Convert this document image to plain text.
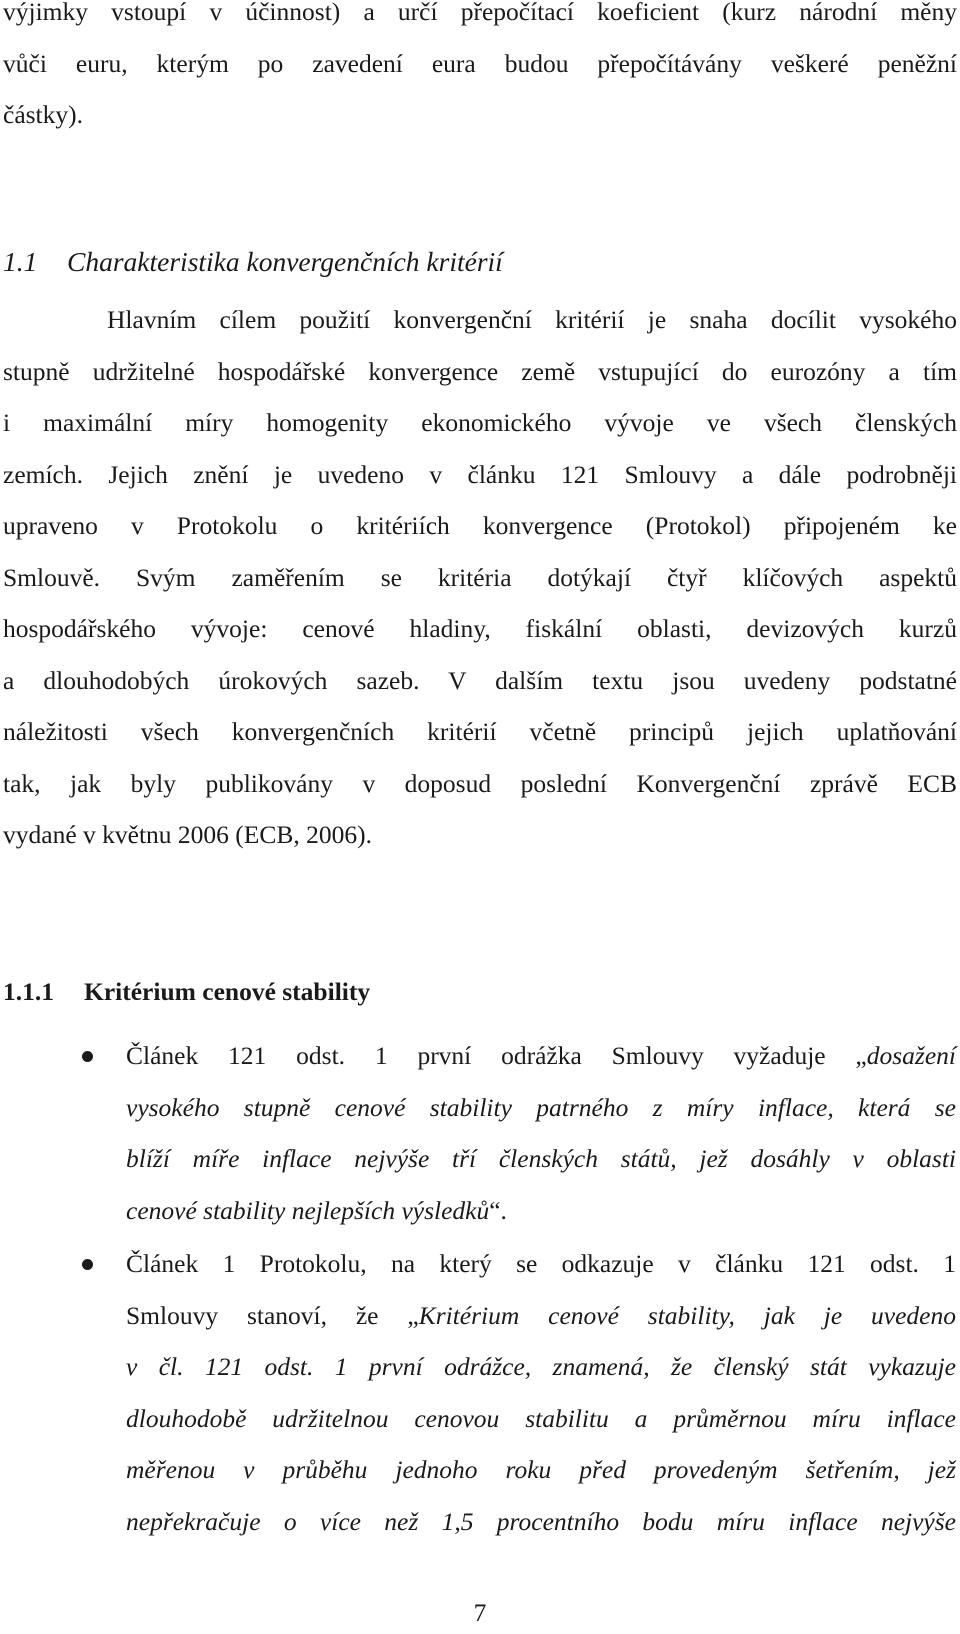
výjimky vstoupí v účinnost) a určí přepočítací koeficient (kurz národní měny
vůči euru, kterým po zavedení eura budou přepočítávány veškeré peněžní
částky).
1.1 Charakteristika konvergenčních kritérií
Hlavním cílem použití konvergenční kritérií je snaha docílit vysokého
stupně udržitelné hospodářské konvergence země vstupující do eurozóny a tím
i maximální míry homogenity ekonomického vývoje ve všech členských
zemích. Jejich znění je uvedeno v článku 121 Smlouvy a dále podrobněji
upraveno v Protokolu o kritériích konvergence (Protokol) připojeném ke
Smlouvě. Svým zaměřením se kritéria dotýkají čtyř klíčových aspektů
hospodářského vývoje: cenové hladiny, fiskální oblasti, devizových kurzů
a dlouhodobých úrokových sazeb. V dalším textu jsou uvedeny podstatné
náležitosti všech konvergenčních kritérií včetně principů jejich uplatňování
tak, jak byly publikovány v doposud poslední Konvergenční zprávě ECB
vydané v květnu 2006 (ECB, 2006).
1.1.1 Kritérium cenové stability
Článek 121 odst. 1 první odrážka Smlouvy vyžaduje „dosažení
vysokého stupně cenové stability patrného z míry inflace, která se
blíží míře inflace nejvýše tří členských států, jež dosáhly v oblasti
cenové stability nejlepších výsledků“.
Článek 1 Protokolu, na který se odkazuje v článku 121 odst. 1
Smlouvy stanoví, že „Kritérium cenové stability, jak je uvedeno
v čl. 121 odst. 1 první odrážce, znamená, že členský stát vykazuje
dlouhodobě udržitelnou cenovou stabilitu a průměrnou míru inflace
měřenou v průběhu jednoho roku před provedeným šetřením, jež
nepřekračuje o více než 1,5 procentního bodu míru inflace nejvýše
7
